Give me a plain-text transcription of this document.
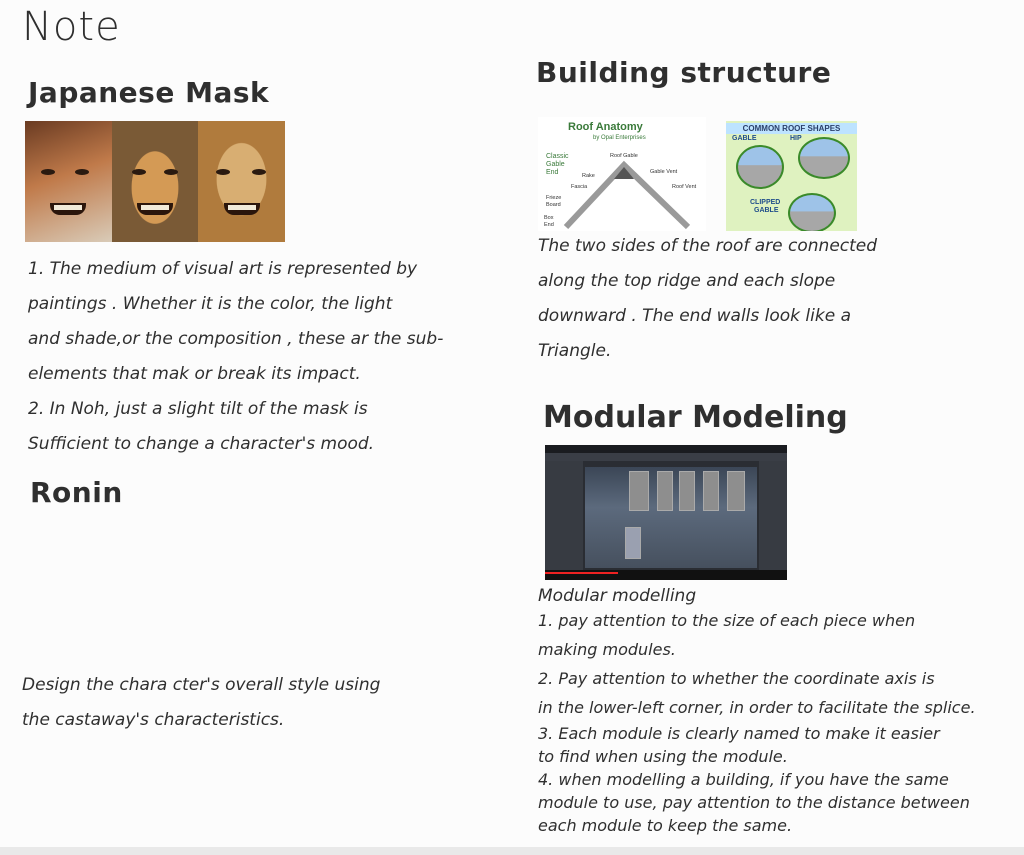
Note
Japanese Mask
1. The medium of visual art is represented by
paintings . Whether it is the color, the light
and shade,or the composition , these ar the sub-
elements that mak or break its impact.
2. In Noh, just a slight tilt of the mask is
Sufficient to change a character's mood.
Ronin
Design the chara cter's overall style using
the castaway's characteristics.
Building structure
Roof Anatomy
by Opal Enterprises
Classic
Gable
End
Roof Gable
Rake
Fascia
Gable Vent
Roof Vent
Frieze
Board
Box
End
COMMON ROOF SHAPES
GABLE	HIP
CLIPPED
GABLE
The two sides of the roof are connected
along the top ridge and each slope
downward . The end walls look like a
Triangle.
Modular Modeling
Modular modelling
1. pay attention to the size of each piece when
making modules.
2. Pay attention to whether the coordinate axis is
in the lower-left corner, in order to facilitate the splice.
3. Each module is clearly named to make it easier
to find when using the module.
4. when modelling a building, if you have the same
module to use, pay attention to the distance between
each module to keep the same.
